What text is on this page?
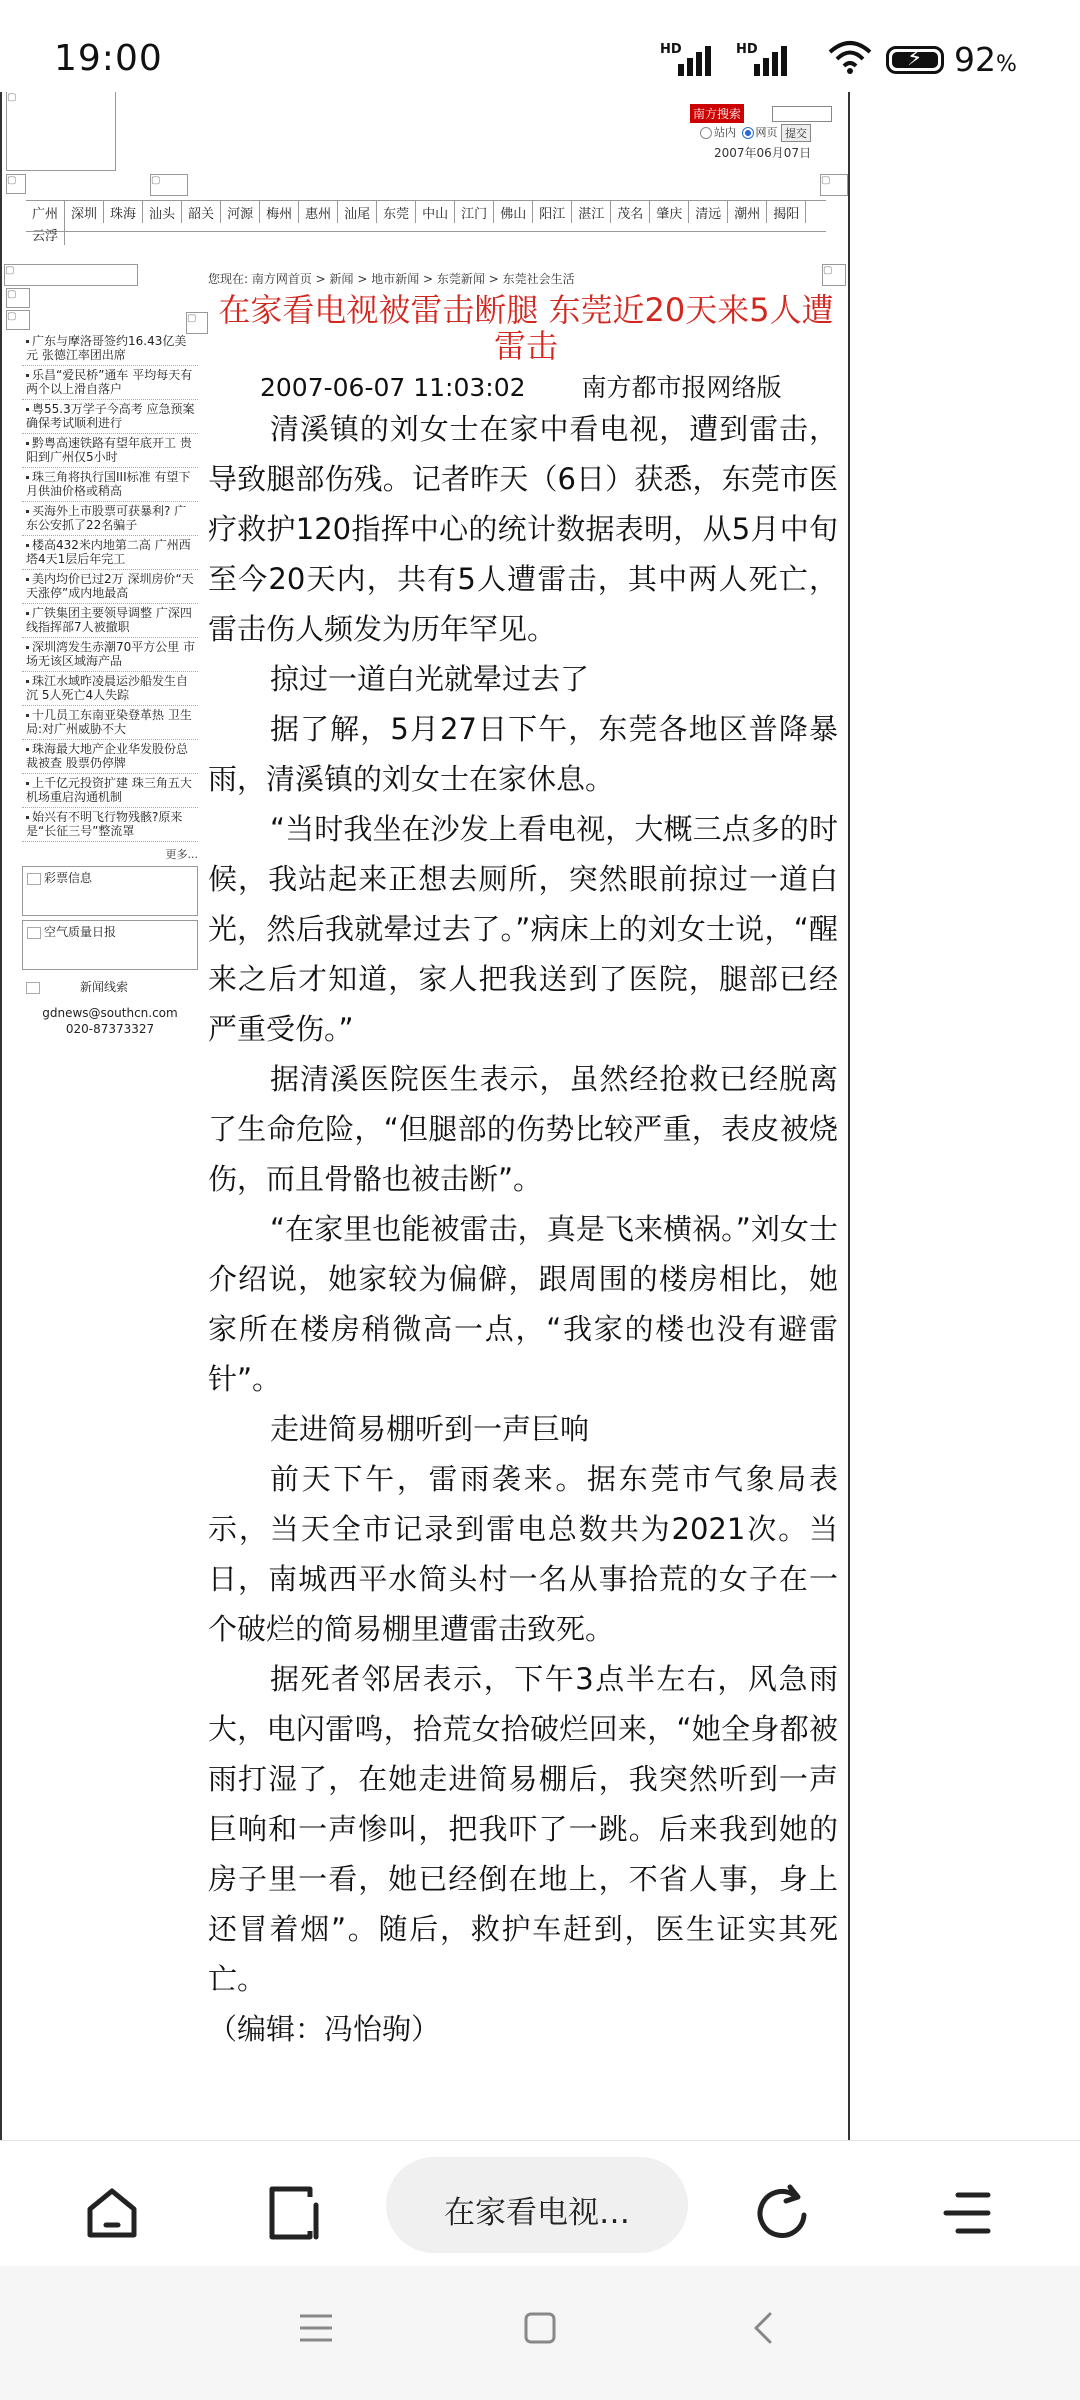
19:00	HD	HD	⚡ 92%
▢
▢	▢
▢
南方搜索
站内 网页 提交
2007年06月07日
广州 深圳 珠海 汕头 韶关 河源 梅州 惠州 汕尾 东莞 中山 江门 佛山 阳江 湛江 茂名 肇庆 清远 潮州 揭阳云浮
▢	▢
▢
▢	▢
您现在: 南方网首页 > 新闻 > 地市新闻 > 东莞新闻 > 东莞社会生活
在家看电视被雷击断腿 东莞近20天来5人遭雷击
2007-06-07 11:03:02 南方都市报网络版

清溪镇的刘女士在家中看电视，遭到雷击，导致腿部伤残。记者昨天（6日）获悉，东莞市医疗救护120指挥中心的统计数据表明，从5月中旬至今20天内，共有5人遭雷击，其中两人死亡，雷击伤人频发为历年罕见。

掠过一道白光就晕过去了

据了解，5月27日下午，东莞各地区普降暴雨，清溪镇的刘女士在家休息。

“当时我坐在沙发上看电视，大概三点多的时候，我站起来正想去厕所，突然眼前掠过一道白光，然后我就晕过去了。”病床上的刘女士说，“醒来之后才知道，家人把我送到了医院，腿部已经严重受伤。”

据清溪医院医生表示，虽然经抢救已经脱离了生命危险，“但腿部的伤势比较严重，表皮被烧伤，而且骨骼也被击断”。

“在家里也能被雷击，真是飞来横祸。”刘女士介绍说，她家较为偏僻，跟周围的楼房相比，她家所在楼房稍微高一点，“我家的楼也没有避雷针”。

走进简易棚听到一声巨响

前天下午，雷雨袭来。据东莞市气象局表示，当天全市记录到雷电总数共为2021次。当日，南城西平水简头村一名从事拾荒的女子在一个破烂的简易棚里遭雷击致死。

据死者邻居表示，下午3点半左右，风急雨大，电闪雷鸣，拾荒女拾破烂回来，“她全身都被雨打湿了，在她走进简易棚后，我突然听到一声巨响和一声惨叫，把我吓了一跳。后来我到她的房子里一看，她已经倒在地上，不省人事，身上还冒着烟”。随后，救护车赶到，医生证实其死亡。

（编辑：冯怡驹）

广东与摩洛哥签约16.43亿美元 张德江率团出席
乐昌“爱民桥”通车 平均每天有两个以上滑自落户
粤55.3万学子今高考 应急预案确保考试顺利进行
黔粤高速铁路有望年底开工 贵阳到广州仅5小时
珠三角将执行国III标准 有望下月供油价格或稍高
买海外上市股票可获暴利? 广东公安抓了22名骗子
楼高432米内地第二高 广州西塔4天1层后年完工
美内均价已过2万 深圳房价“天天涨停”成内地最高
广铁集团主要领导调整 广深四线指挥部7人被撤职
深圳湾发生赤潮70平方公里 市场无该区域海产品
珠江水域昨凌晨运沙船发生自沉 5人死亡4人失踪
十几员工东南亚染登革热 卫生局:对广州威胁不大
珠海最大地产企业华发股份总裁被查 股票仍停牌
上千亿元投资扩建 珠三角五大机场重启沟通机制
始兴有不明飞行物残骸?原来是“长征三号”整流罩
更多...
彩票信息
空气质量日报
新闻线索
gdnews@southcn.com
020-87373327
在家看电视…
